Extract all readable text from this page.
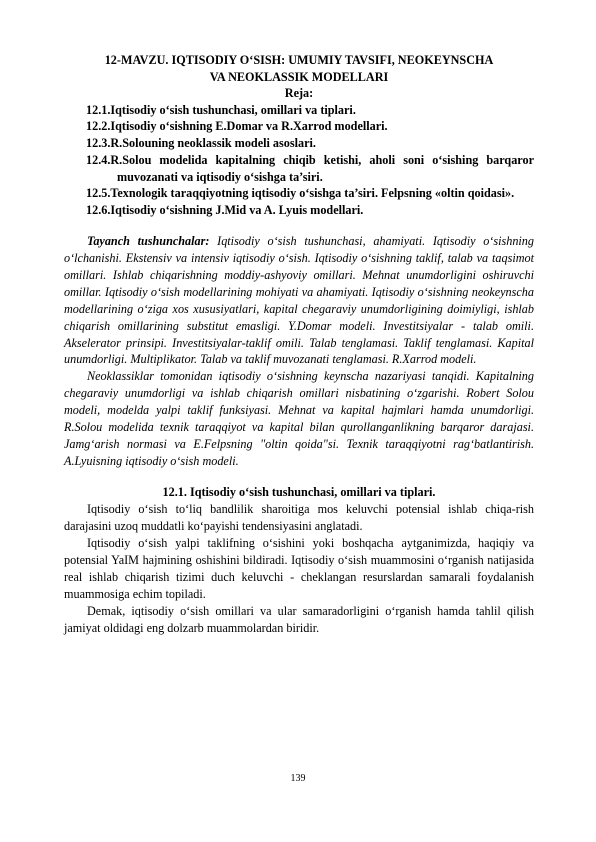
12-MAVZU. IQTISODIY O‘SISH: UMUMIY TAVSIFI, NEOKEYNSCHA
VA NEOKLASSIK MODELLARI

Reja:

12.1.Iqtisodiy o‘sish tushunchasi, omillari va tiplari.
12.2.Iqtisodiy o‘sishning E.Domar va R.Xarrod modellari.
12.3.R.Solouning neoklassik modeli asoslari.
12.4.R.Solou modelida kapitalning chiqib ketishi, aholi soni o‘sishing barqaror muvozanati va iqtisodiy o‘sishga ta’siri.
12.5.Texnologik taraqqiyotning iqtisodiy o‘sishga ta’siri. Felpsning «oltin qoidasi».
12.6.Iqtisodiy o‘sishning J.Mid va A. Lyuis modellari.

Tayanch tushunchalar: Iqtisodiy o‘sish tushunchasi, ahamiyati. Iqtisodiy o‘sishning o‘lchanishi. Ekstensiv va intensiv iqtisodiy o‘sish. Iqtisodiy o‘sishning taklif, talab va taqsimot omillari. Ishlab chiqarishning moddiy-ashyoviy omillari. Mehnat unumdorligini oshiruvchi omillar. Iqtisodiy o‘sish modellarining mohiyati va ahamiyati. Iqtisodiy o‘sishning neokeynscha modellarining o‘ziga xos xususiyatlari, kapital chegaraviy unumdorligining doimiyligi, ishlab chiqarish omillarining substitut emasligi. Y.Domar modeli. Investitsiyalar - talab omili. Akselerator prinsipi. Investitsiyalar-taklif omili. Talab tenglamasi. Taklif tenglamasi. Kapital unumdorligi. Multiplikator. Talab va taklif muvozanati tenglamasi. R.Xarrod modeli.

Neoklassiklar tomonidan iqtisodiy o‘sishning keynscha nazariyasi tanqidi. Kapitalning chegaraviy unumdorligi va ishlab chiqarish omillari nisbatining o‘zgarishi. Robert Solou modeli, modelda yalpi taklif funksiyasi. Mehnat va kapital hajmlari hamda unumdorligi. R.Solou modelida texnik taraqqiyot va kapital bilan qurollanganlikning barqaror darajasi. Jamg‘arish normasi va E.Felpsning "oltin qoida"si. Texnik taraqqiyotni rag‘batlantirish. A.Lyuisning iqtisodiy o‘sish modeli.

12.1. Iqtisodiy o‘sish tushunchasi, omillari va tiplari.

Iqtisodiy o‘sish to‘liq bandlilik sharoitiga mos keluvchi potensial ishlab chiqa-rish darajasini uzoq muddatli ko‘payishi tendensiyasini anglatadi.

Iqtisodiy o‘sish yalpi taklifning o‘sishini yoki boshqacha aytganimizda, haqiqiy va potensial YaIM hajmining oshishini bildiradi. Iqtisodiy o‘sish muammosini o‘rganish natijasida real ishlab chiqarish tizimi duch keluvchi - cheklangan resurslardan samarali foydalanish muammosiga echim topiladi.

Demak, iqtisodiy o‘sish omillari va ular samaradorligini o‘rganish hamda tahlil qilish jamiyat oldidagi eng dolzarb muammolardan biridir.

139
